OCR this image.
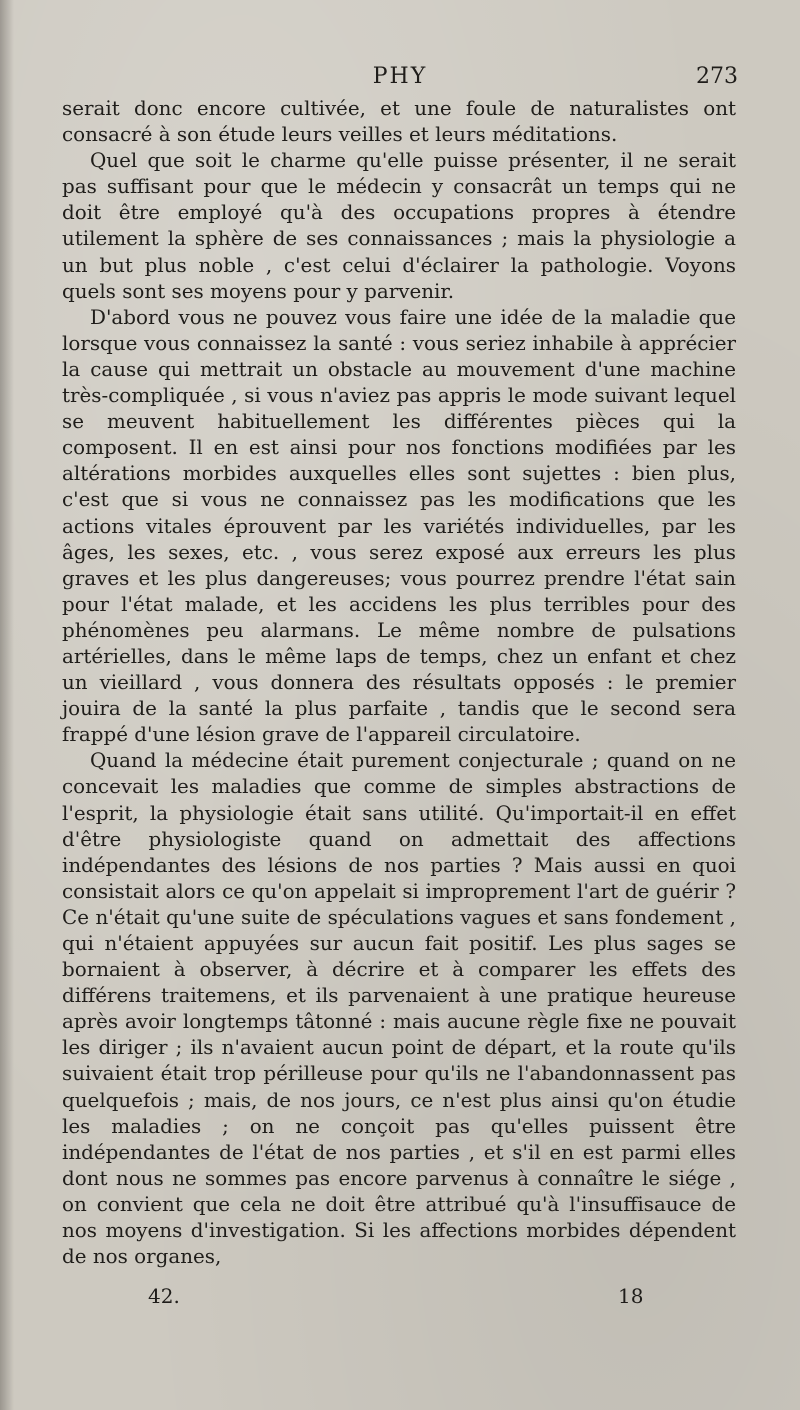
PHY	273

serait donc encore cultivée, et une foule de naturalistes ont consacré à son étude leurs veilles et leurs méditations.

Quel que soit le charme qu'elle puisse présenter, il ne serait pas suffisant pour que le médecin y consacrât un temps qui ne doit être employé qu'à des occupations propres à étendre utilement la sphère de ses connaissances ; mais la physiologie a un but plus noble , c'est celui d'éclairer la pathologie. Voyons quels sont ses moyens pour y parvenir.

D'abord vous ne pouvez vous faire une idée de la maladie que lorsque vous connaissez la santé : vous seriez inhabile à apprécier la cause qui mettrait un obstacle au mouvement d'une machine très-compliquée , si vous n'aviez pas appris le mode suivant lequel se meuvent habituellement les différentes pièces qui la composent. Il en est ainsi pour nos fonctions modifiées par les altérations morbides auxquelles elles sont sujettes : bien plus, c'est que si vous ne connaissez pas les modifications que les actions vitales éprouvent par les variétés individuelles, par les âges, les sexes, etc. , vous serez exposé aux erreurs les plus graves et les plus dangereuses; vous pourrez prendre l'état sain pour l'état malade, et les accidens les plus terribles pour des phénomènes peu alarmans. Le même nombre de pulsations artérielles, dans le même laps de temps, chez un enfant et chez un vieillard , vous donnera des résultats opposés : le premier jouira de la santé la plus parfaite , tandis que le second sera frappé d'une lésion grave de l'appareil circulatoire.

Quand la médecine était purement conjecturale ; quand on ne concevait les maladies que comme de simples abstractions de l'esprit, la physiologie était sans utilité. Qu'importait-il en effet d'être physiologiste quand on admettait des affections indépendantes des lésions de nos parties ? Mais aussi en quoi consistait alors ce qu'on appelait si improprement l'art de guérir ? Ce n'était qu'une suite de spéculations vagues et sans fondement , qui n'étaient appuyées sur aucun fait positif. Les plus sages se bornaient à observer, à décrire et à comparer les effets des différens traitemens, et ils parvenaient à une pratique heureuse après avoir longtemps tâtonné : mais aucune règle fixe ne pouvait les diriger ; ils n'avaient aucun point de départ, et la route qu'ils suivaient était trop périlleuse pour qu'ils ne l'abandonnassent pas quelquefois ; mais, de nos jours, ce n'est plus ainsi qu'on étudie les maladies ; on ne conçoit pas qu'elles puissent être indépendantes de l'état de nos parties , et s'il en est parmi elles dont nous ne sommes pas encore parvenus à connaître le siége , on convient que cela ne doit être attribué qu'à l'insuffisauce de nos moyens d'investigation. Si les affections morbides dépendent de nos organes,

42.	18
